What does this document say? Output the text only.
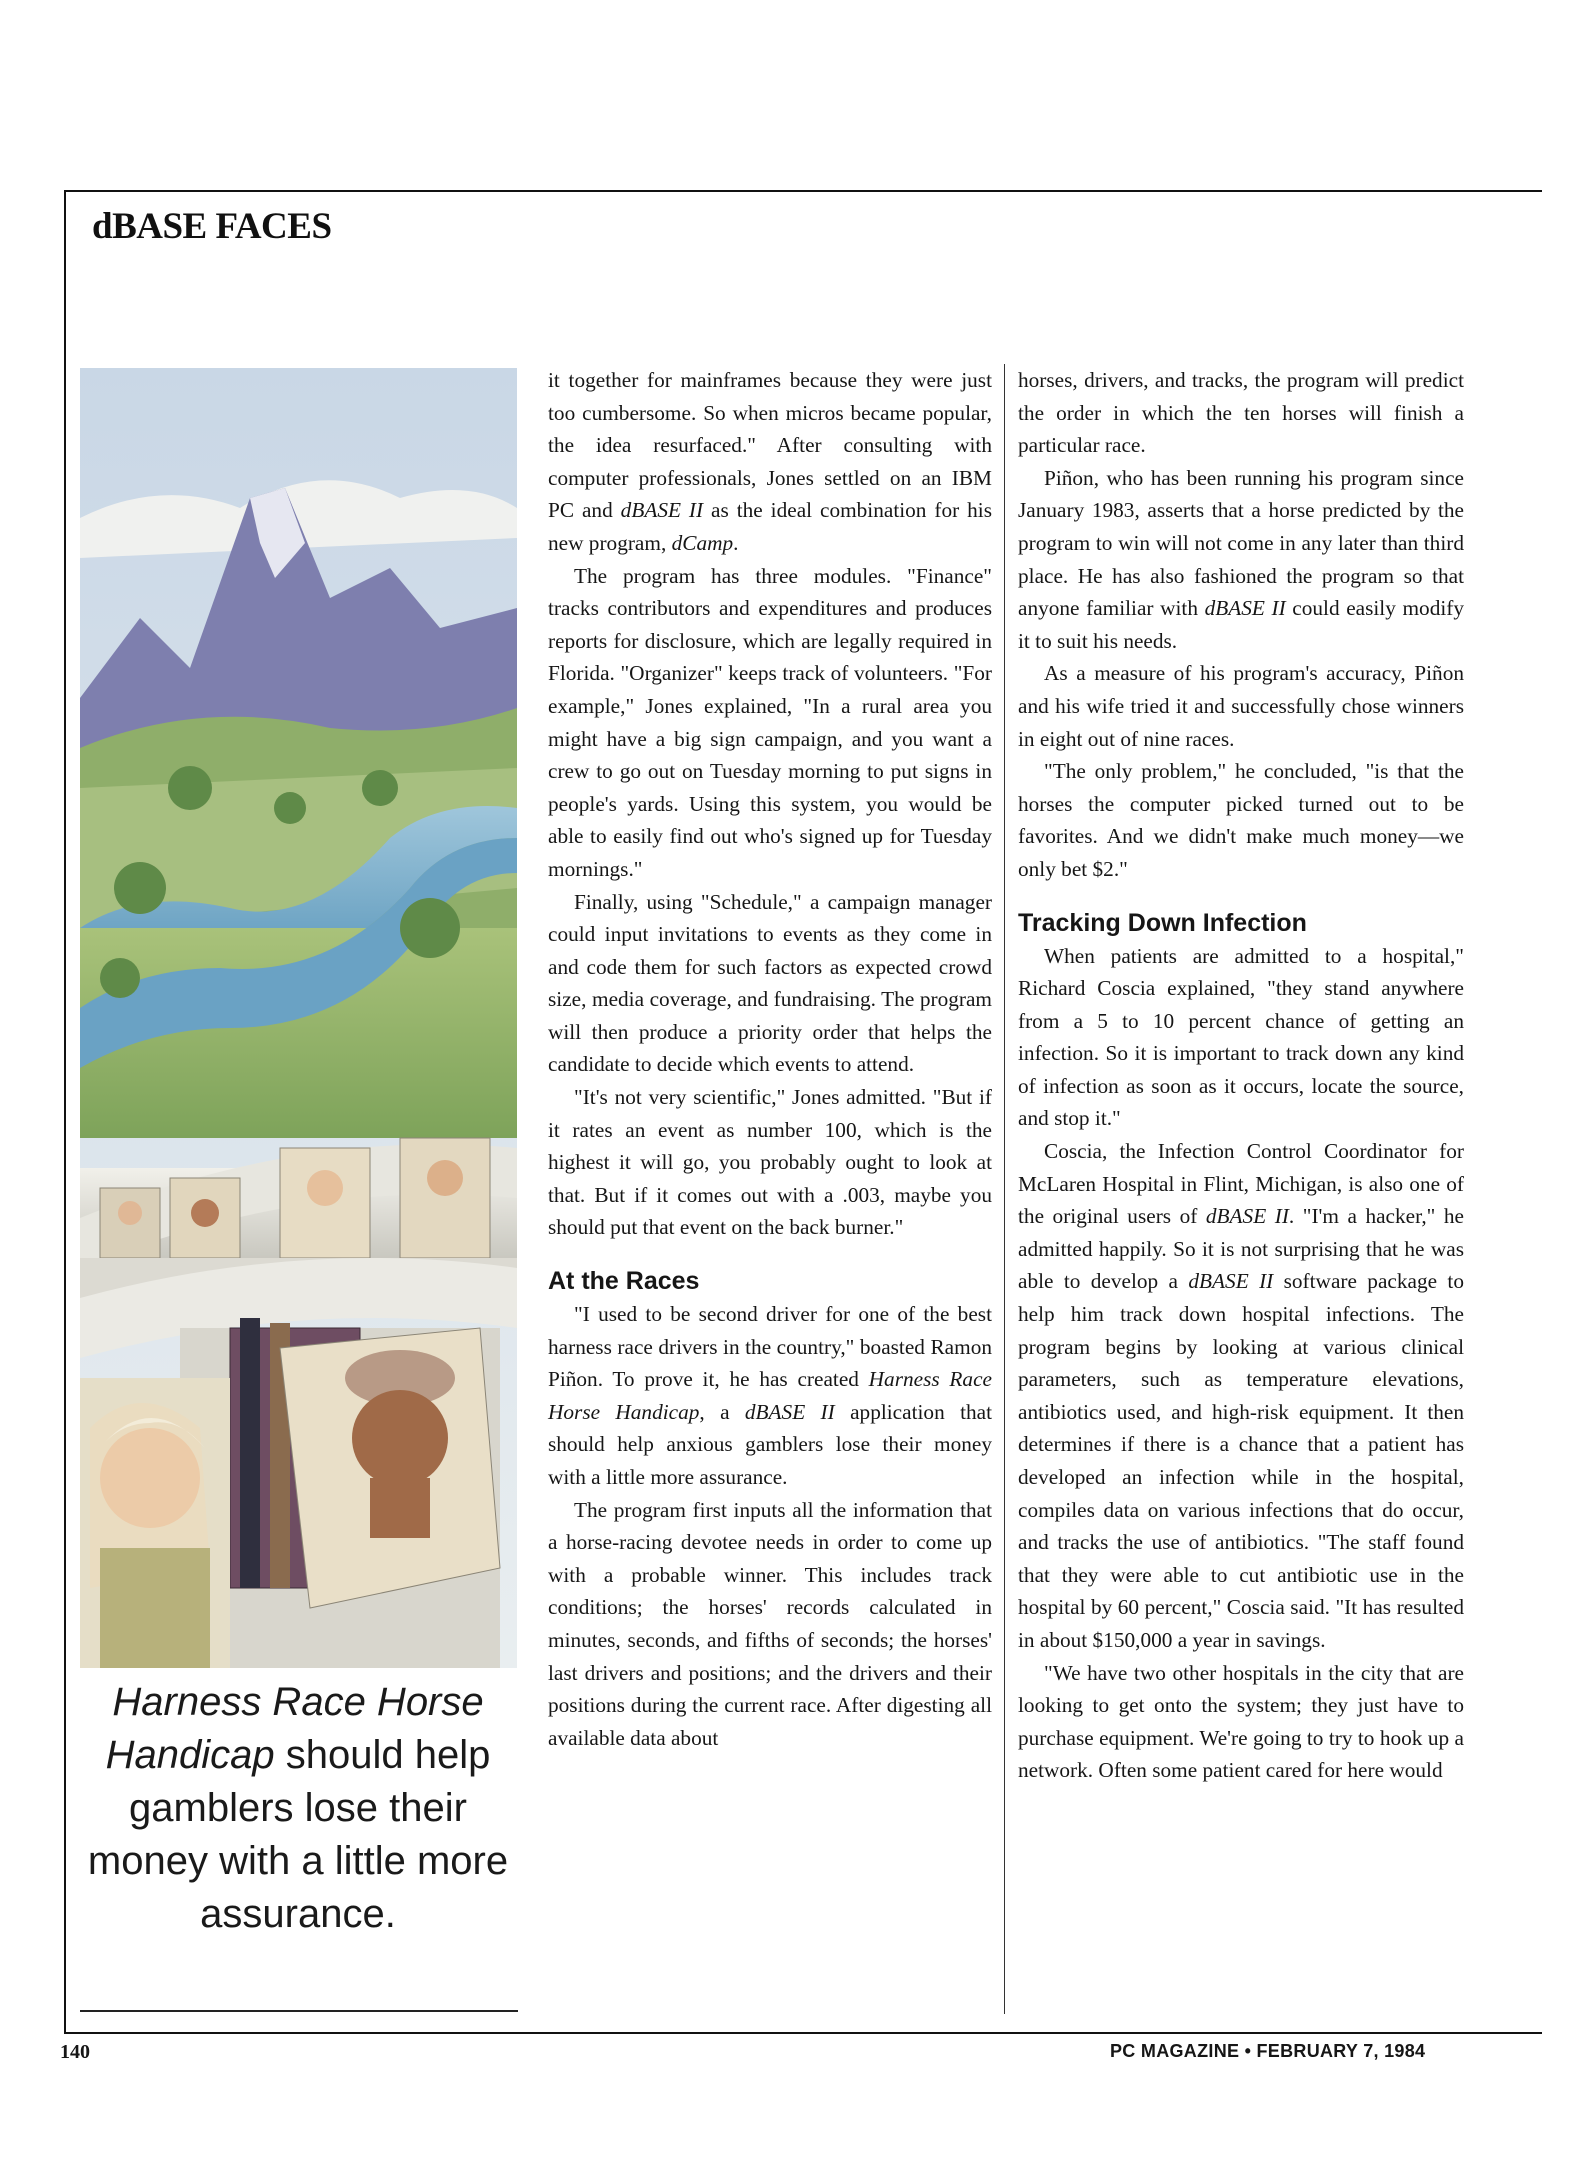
dBASE FACES
Harness Race Horse Handicap should help gamblers lose their money with a little more assurance.

it together for mainframes because they were just too cumbersome. So when micros became popular, the idea resurfaced." After consulting with computer professionals, Jones settled on an IBM PC and dBASE II as the ideal combination for his new program, dCamp.

The program has three modules. "Finance" tracks contributors and expenditures and produces reports for disclosure, which are legally required in Florida. "Organizer" keeps track of volunteers. "For example," Jones explained, "In a rural area you might have a big sign campaign, and you want a crew to go out on Tuesday morning to put signs in people's yards. Using this system, you would be able to easily find out who's signed up for Tuesday mornings."

Finally, using "Schedule," a campaign manager could input invitations to events as they come in and code them for such factors as expected crowd size, media coverage, and fundraising. The program will then produce a priority order that helps the candidate to decide which events to attend.

"It's not very scientific," Jones admitted. "But if it rates an event as number 100, which is the highest it will go, you probably ought to look at that. But if it comes out with a .003, maybe you should put that event on the back burner."

At the Races

"I used to be second driver for one of the best harness race drivers in the country," boasted Ramon Piñon. To prove it, he has created Harness Race Horse Handicap, a dBASE II application that should help anxious gamblers lose their money with a little more assurance.

The program first inputs all the information that a horse-racing devotee needs in order to come up with a probable winner. This includes track conditions; the horses' records calculated in minutes, seconds, and fifths of seconds; the horses' last drivers and positions; and the drivers and their positions during the current race. After digesting all available data about

horses, drivers, and tracks, the program will predict the order in which the ten horses will finish a particular race.

Piñon, who has been running his program since January 1983, asserts that a horse predicted by the program to win will not come in any later than third place. He has also fashioned the program so that anyone familiar with dBASE II could easily modify it to suit his needs.

As a measure of his program's accuracy, Piñon and his wife tried it and successfully chose winners in eight out of nine races.

"The only problem," he concluded, "is that the horses the computer picked turned out to be favorites. And we didn't make much money—we only bet $2."

Tracking Down Infection

When patients are admitted to a hospital," Richard Coscia explained, "they stand anywhere from a 5 to 10 percent chance of getting an infection. So it is important to track down any kind of infection as soon as it occurs, locate the source, and stop it."

Coscia, the Infection Control Coordinator for McLaren Hospital in Flint, Michigan, is also one of the original users of dBASE II. "I'm a hacker," he admitted happily. So it is not surprising that he was able to develop a dBASE II software package to help him track down hospital infections. The program begins by looking at various clinical parameters, such as temperature elevations, antibiotics used, and high-risk equipment. It then determines if there is a chance that a patient has developed an infection while in the hospital, compiles data on various infections that do occur, and tracks the use of antibiotics. "The staff found that they were able to cut antibiotic use in the hospital by 60 percent," Coscia said. "It has resulted in about $150,000 a year in savings.

"We have two other hospitals in the city that are looking to get onto the system; they just have to purchase equipment. We're going to try to hook up a network. Often some patient cared for here would

140	PC MAGAZINE • FEBRUARY 7, 1984
